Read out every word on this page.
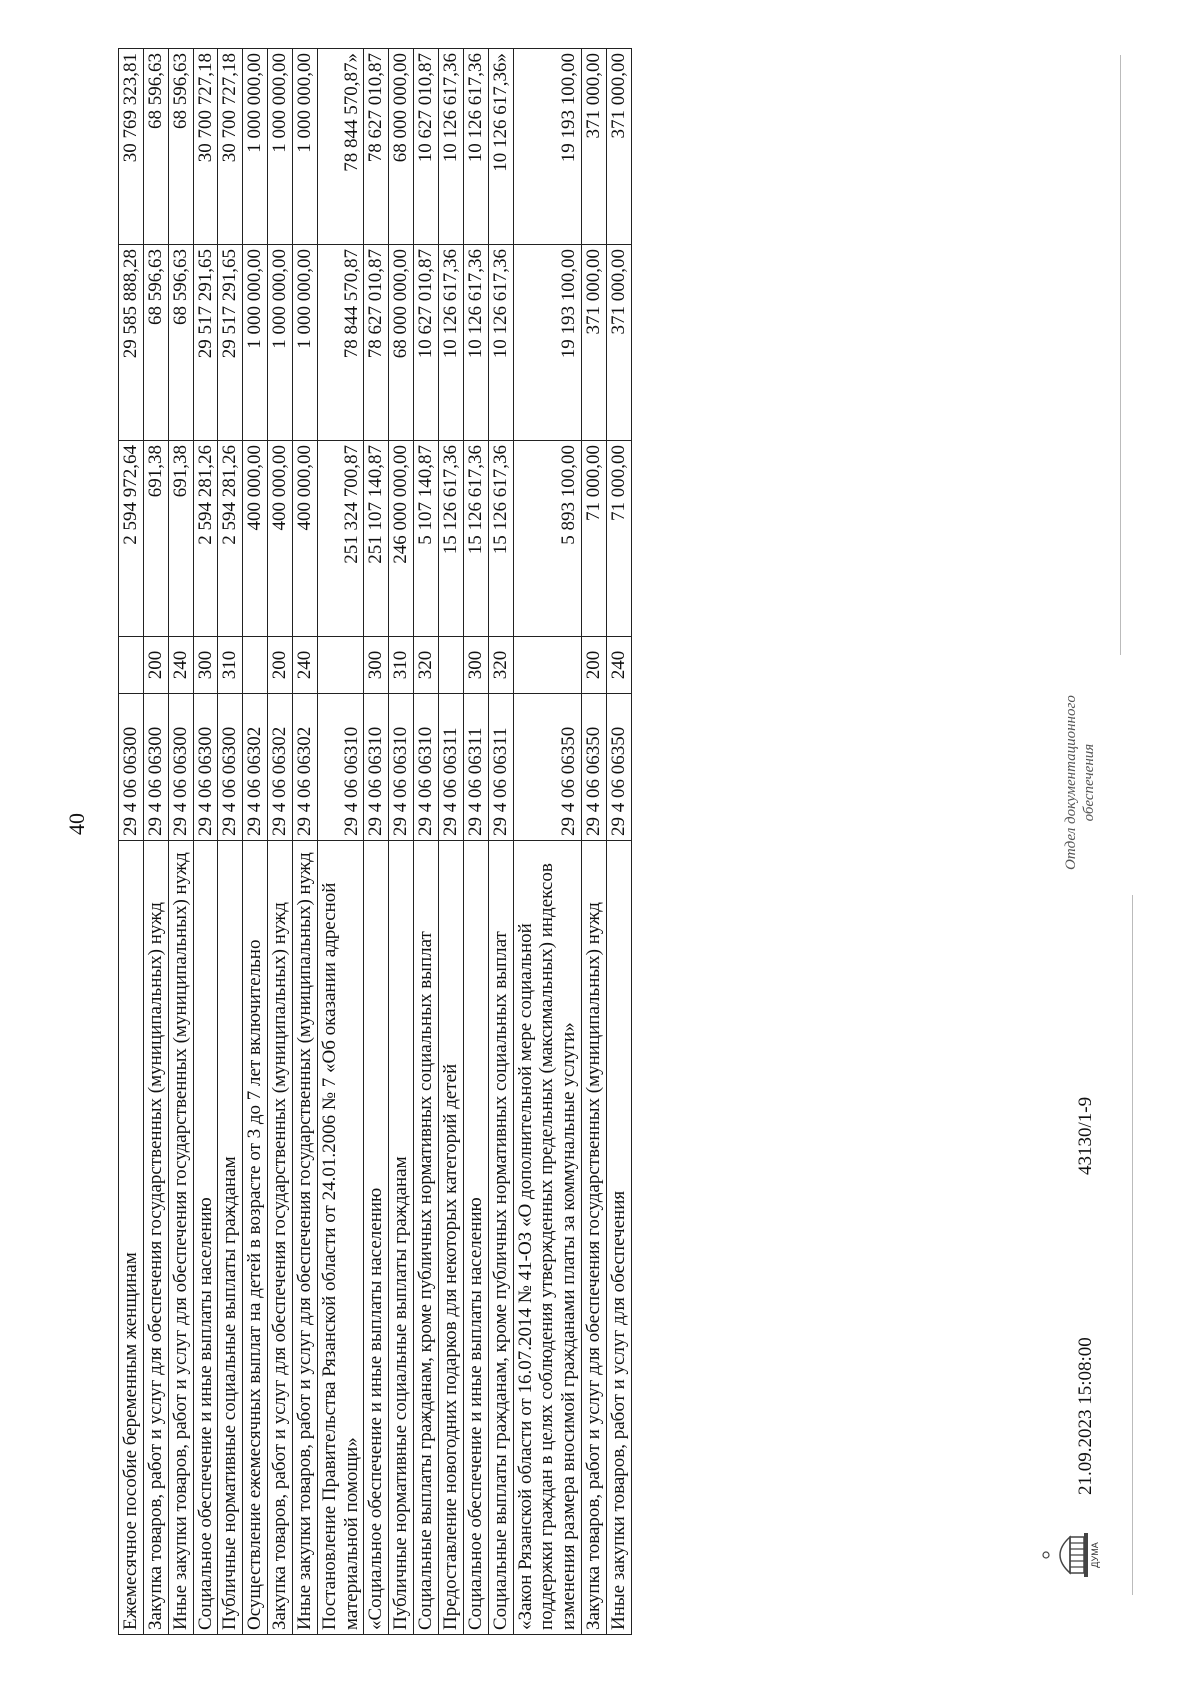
40
Ежемесячное пособие беременным женщинам	29 4 06 06300		2 594 972,64	29 585 888,28	30 769 323,81
Закупка товаров, работ и услуг для обеспечения государственных (муниципальных) нужд	29 4 06 06300	200	691,38	68 596,63	68 596,63
Иные закупки товаров, работ и услуг для обеспечения государственных (муниципальных) нужд	29 4 06 06300	240	691,38	68 596,63	68 596,63
Социальное обеспечение и иные выплаты населению	29 4 06 06300	300	2 594 281,26	29 517 291,65	30 700 727,18
Публичные нормативные социальные выплаты гражданам	29 4 06 06300	310	2 594 281,26	29 517 291,65	30 700 727,18
Осуществление ежемесячных выплат на детей в возрасте от 3 до 7 лет включительно	29 4 06 06302		400 000,00	1 000 000,00	1 000 000,00
Закупка товаров, работ и услуг для обеспечения государственных (муниципальных) нужд	29 4 06 06302	200	400 000,00	1 000 000,00	1 000 000,00
Иные закупки товаров, работ и услуг для обеспечения государственных (муниципальных) нужд	29 4 06 06302	240	400 000,00	1 000 000,00	1 000 000,00
Постановление Правительства Рязанской области от 24.01.2006 № 7 «Об оказании адресной материальной помощи»	29 4 06 06310		251 324 700,87	78 844 570,87	78 844 570,87»
«Социальное обеспечение и иные выплаты населению	29 4 06 06310	300	251 107 140,87	78 627 010,87	78 627 010,87
Публичные нормативные социальные выплаты гражданам	29 4 06 06310	310	246 000 000,00	68 000 000,00	68 000 000,00
Социальные выплаты гражданам, кроме публичных нормативных социальных выплат	29 4 06 06310	320	5 107 140,87	10 627 010,87	10 627 010,87
Предоставление новогодних подарков для некоторых категорий детей	29 4 06 06311		15 126 617,36	10 126 617,36	10 126 617,36
Социальное обеспечение и иные выплаты населению	29 4 06 06311	300	15 126 617,36	10 126 617,36	10 126 617,36
Социальные выплаты гражданам, кроме публичных нормативных социальных выплат	29 4 06 06311	320	15 126 617,36	10 126 617,36	10 126 617,36»
«Закон Рязанской области от 16.07.2014 № 41-ОЗ «О дополнительной мере социальной поддержки граждан в целях соблюдения утвержденных предельных (максимальных) индексов изменения размера вносимой гражданами платы за коммунальные услуги»	29 4 06 06350		5 893 100,00	19 193 100,00	19 193 100,00
Закупка товаров, работ и услуг для обеспечения государственных (муниципальных) нужд	29 4 06 06350	200	71 000,00	371 000,00	371 000,00
Иные закупки товаров, работ и услуг для обеспечения	29 4 06 06350	240	71 000,00	371 000,00	371 000,00
ДУМА
21.09.2023 15:08:00
43130/1-9
Отдел документационного обеспечения
